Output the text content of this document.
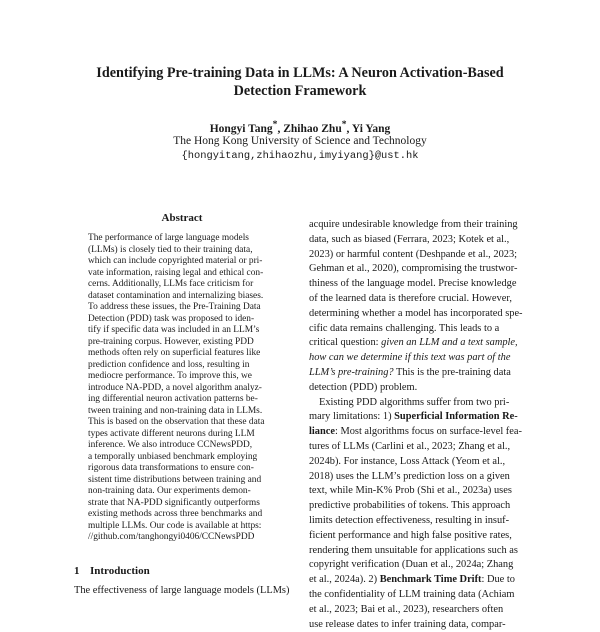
Identifying Pre-training Data in LLMs: A Neuron Activation-Based
Detection Framework
Hongyi Tang*, Zhihao Zhu*, Yi Yang
The Hong Kong University of Science and Technology
{hongyitang,zhihaozhu,imyiyang}@ust.hk
Abstract
The performance of large language models
(LLMs) is closely tied to their training data,
which can include copyrighted material or pri-
vate information, raising legal and ethical con-
cerns. Additionally, LLMs face criticism for
dataset contamination and internalizing biases.
To address these issues, the Pre-Training Data
Detection (PDD) task was proposed to iden-
tify if specific data was included in an LLM’s
pre-training corpus. However, existing PDD
methods often rely on superficial features like
prediction confidence and loss, resulting in
mediocre performance. To improve this, we
introduce NA-PDD, a novel algorithm analyz-
ing differential neuron activation patterns be-
tween training and non-training data in LLMs.
This is based on the observation that these data
types activate different neurons during LLM
inference. We also introduce CCNewsPDD,
a temporally unbiased benchmark employing
rigorous data transformations to ensure con-
sistent time distributions between training and
non-training data. Our experiments demon-
strate that NA-PDD significantly outperforms
existing methods across three benchmarks and
multiple LLMs. Our code is available at https:
//github.com/tanghongyi0406/CCNewsPDD
1 Introduction
The effectiveness of large language models (LLMs)
acquire undesirable knowledge from their training
data, such as biased (Ferrara, 2023; Kotek et al.,
2023) or harmful content (Deshpande et al., 2023;
Gehman et al., 2020), compromising the trustwor-
thiness of the language model. Precise knowledge
of the learned data is therefore crucial. However,
determining whether a model has incorporated spe-
cific data remains challenging. This leads to a
critical question: given an LLM and a text sample,
how can we determine if this text was part of the
LLM’s pre-training? This is the pre-training data
detection (PDD) problem.
Existing PDD algorithms suffer from two pri-
mary limitations: 1) Superficial Information Re-
liance: Most algorithms focus on surface-level fea-
tures of LLMs (Carlini et al., 2023; Zhang et al.,
2024b). For instance, Loss Attack (Yeom et al.,
2018) uses the LLM’s prediction loss on a given
text, while Min-K% Prob (Shi et al., 2023a) uses
predictive probabilities of tokens. This approach
limits detection effectiveness, resulting in insuf-
ficient performance and high false positive rates,
rendering them unsuitable for applications such as
copyright verification (Duan et al., 2024a; Zhang
et al., 2024a). 2) Benchmark Time Drift: Due to
the confidentiality of LLM training data (Achiam
et al., 2023; Bai et al., 2023), researchers often
use release dates to infer training data, compar-
